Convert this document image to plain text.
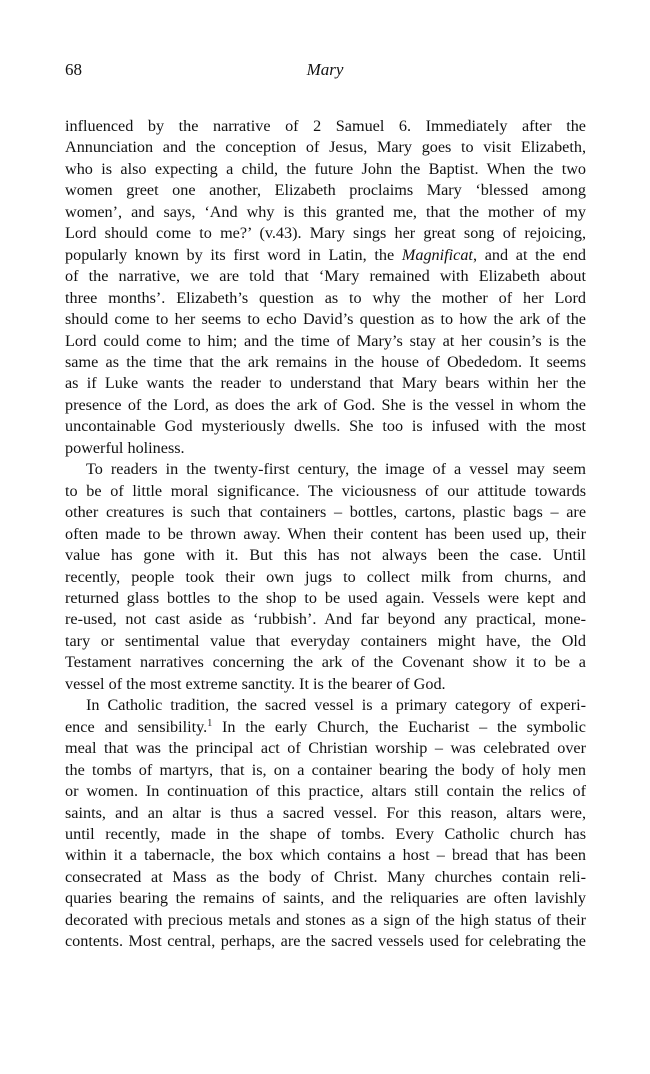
68	Mary
influenced by the narrative of 2 Samuel 6. Immediately after the
Annunciation and the conception of Jesus, Mary goes to visit Elizabeth,
who is also expecting a child, the future John the Baptist. When the two
women greet one another, Elizabeth proclaims Mary ‘blessed among
women’, and says, ‘And why is this granted me, that the mother of my
Lord should come to me?’ (v.43). Mary sings her great song of rejoicing,
popularly known by its first word in Latin, the Magnificat, and at the end
of the narrative, we are told that ‘Mary remained with Elizabeth about
three months’. Elizabeth’s question as to why the mother of her Lord
should come to her seems to echo David’s question as to how the ark of the
Lord could come to him; and the time of Mary’s stay at her cousin’s is the
same as the time that the ark remains in the house of Obededom. It seems
as if Luke wants the reader to understand that Mary bears within her the
presence of the Lord, as does the ark of God. She is the vessel in whom the
uncontainable God mysteriously dwells. She too is infused with the most
powerful holiness.
To readers in the twenty-first century, the image of a vessel may seem
to be of little moral significance. The viciousness of our attitude towards
other creatures is such that containers – bottles, cartons, plastic bags – are
often made to be thrown away. When their content has been used up, their
value has gone with it. But this has not always been the case. Until
recently, people took their own jugs to collect milk from churns, and
returned glass bottles to the shop to be used again. Vessels were kept and
re-used, not cast aside as ‘rubbish’. And far beyond any practical, mone-
tary or sentimental value that everyday containers might have, the Old
Testament narratives concerning the ark of the Covenant show it to be a
vessel of the most extreme sanctity. It is the bearer of God.
In Catholic tradition, the sacred vessel is a primary category of experi-
ence and sensibility.$^1$ In the early Church, the Eucharist – the symbolic
meal that was the principal act of Christian worship – was celebrated over
the tombs of martyrs, that is, on a container bearing the body of holy men
or women. In continuation of this practice, altars still contain the relics of
saints, and an altar is thus a sacred vessel. For this reason, altars were,
until recently, made in the shape of tombs. Every Catholic church has
within it a tabernacle, the box which contains a host – bread that has been
consecrated at Mass as the body of Christ. Many churches contain reli-
quaries bearing the remains of saints, and the reliquaries are often lavishly
decorated with precious metals and stones as a sign of the high status of their
contents. Most central, perhaps, are the sacred vessels used for celebrating the
